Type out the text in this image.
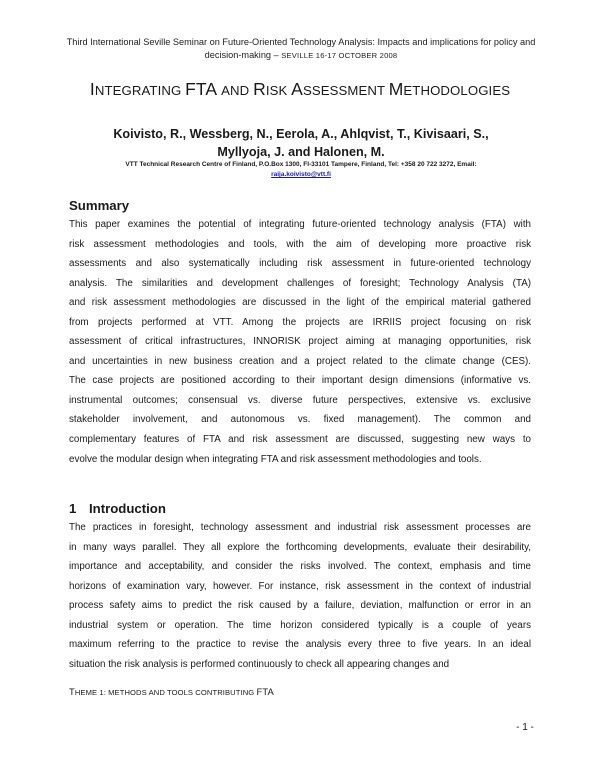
Third International Seville Seminar on Future-Oriented Technology Analysis: Impacts and implications for policy and
decision-making – SEVILLE 16-17 OCTOBER 2008
INTEGRATING FTA AND RISK ASSESSMENT METHODOLOGIES
Koivisto, R., Wessberg, N., Eerola, A., Ahlqvist, T., Kivisaari, S.,
Myllyoja, J. and Halonen, M.
VTT Technical Research Centre of Finland, P.O.Box 1300, FI-33101 Tampere, Finland, Tel: +358 20 722 3272, Email:
raija.koivisto@vtt.fi
Summary
This paper examines the potential of integrating future-oriented technology analysis (FTA) with
risk assessment methodologies and tools, with the aim of developing more proactive risk
assessments and also systematically including risk assessment in future-oriented technology
analysis. The similarities and development challenges of foresight; Technology Analysis (TA)
and risk assessment methodologies are discussed in the light of the empirical material gathered
from projects performed at VTT. Among the projects are IRRIIS project focusing on risk
assessment of critical infrastructures, INNORISK project aiming at managing opportunities, risk
and uncertainties in new business creation and a project related to the climate change (CES).
The case projects are positioned according to their important design dimensions (informative vs.
instrumental outcomes; consensual vs. diverse future perspectives, extensive vs. exclusive
stakeholder involvement, and autonomous vs. fixed management). The common and
complementary features of FTA and risk assessment are discussed, suggesting new ways to
evolve the modular design when integrating FTA and risk assessment methodologies and tools.
1 Introduction
The practices in foresight, technology assessment and industrial risk assessment processes are
in many ways parallel. They all explore the forthcoming developments, evaluate their desirability,
importance and acceptability, and consider the risks involved. The context, emphasis and time
horizons of examination vary, however. For instance, risk assessment in the context of industrial
process safety aims to predict the risk caused by a failure, deviation, malfunction or error in an
industrial system or operation. The time horizon considered typically is a couple of years
maximum referring to the practice to revise the analysis every three to five years. In an ideal
situation the risk analysis is performed continuously to check all appearing changes and
THEME 1: METHODS AND TOOLS CONTRIBUTING FTA
- 1 -
